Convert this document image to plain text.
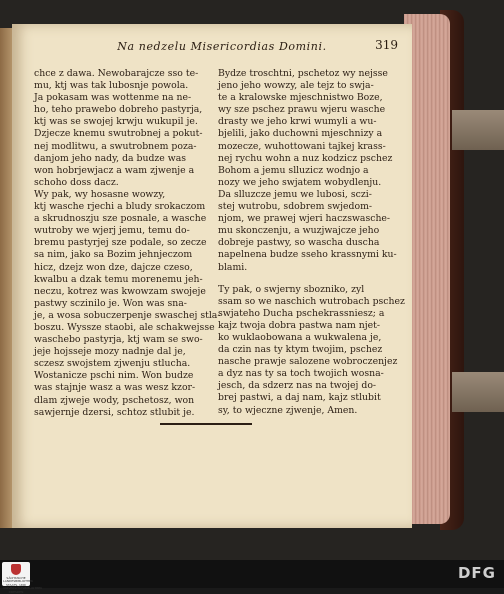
Na nedzelu Misericordias Domini.	319
chce z dawa. Newobarajcze sso te-
mu, ktj was tak lubosnje powola.
Ja pokasam was wottenme na ne-
ho, teho prawebo dobreho pastyrja,
ktj was se swojej krwju wukupil je.
Dzjecze knemu swutrobnej a pokut-
nej modlitwu, a swutrobnem poza-
danjom jeho nady, da budze was
won hobrjewjacz a wam zjwenje a
schoho doss dacz.
Wy pak, wy hosasne wowzy,
ktj wasche rjechi a bludy srokaczom
a skrudnoszju sze posnale, a wasche
wutroby we wjerj jemu, temu do-
bremu pastyrjej sze podale, so zecze
sa nim, jako sa Bozim jehnjeczom
hicz, dzejz won dze, dajcze czeso,
kwalbu a dzak temu morenemu jeh-
neczu, kotrez was kwowzam swojeje
pastwy sczinilo je. Won was sna-
je, a wosa sobuczerpenje swaschej stla-
boszu. Wyssze staobi, ale schakwejsse
waschebo pastyrja, ktj wam se swo-
jeje hojsseje mozy nadnje dal je,
sczesz swojstem zjwenju stlucha.
Wostanicze pschi nim. Won budze
was stajnje wasz a was wesz kzor-
dlam zjweje wody, pschetosz, won
sawjernje dzersi, schtoz stlubit je.
Bydze troschtni, pschetoz wy nejsse
jeno jeho wowzy, ale tejz to swja-
te a kralowske mjeschnistwo Boze,
wy sze pschez prawu wjeru wasche
drasty we jeho krwi wumyli a wu-
bjelili, jako duchowni mjeschnizy a
mozecze, wuhottowani tajkej krass-
nej rychu wohn a nuz kodzicz pschez
Bohom a jemu slluzicz wodnjo a
nozy we jeho swjatem wobydlenju.
Da slluzcze jemu we lubosi, sczi-
stej wutrobu, sdobrem swjedom-
njom, we prawej wjeri haczswasche-
mu skonczenju, a wuzjwajcze jeho
dobreje pastwy, so wascha duscha
napelnena budze sseho krassnymi ku-
blami.
Ty pak, o swjerny sbozniko, zyl
ssam so we naschich wutrobach pschez
swjateho Ducha pschekrassniesz; a
kajz twoja dobra pastwa nam njet-
ko wuklaobowana a wukwalena je,
da czin nas ty ktym twojim, pschez
nasche prawje salozene wobroczenjez
a dyz nas ty sa toch twojich wosna-
jesch, da sdzerz nas na twojej do-
brej pastwi, a daj nam, kajz stlubit
sy, to wjeczne zjwenje, Amen.
SÄCHSISCHE LANDESBIBLIOTHEK STAATS- UND UNIVERSITÄTSBIBLIOTHEK DRESDEN
DFG
